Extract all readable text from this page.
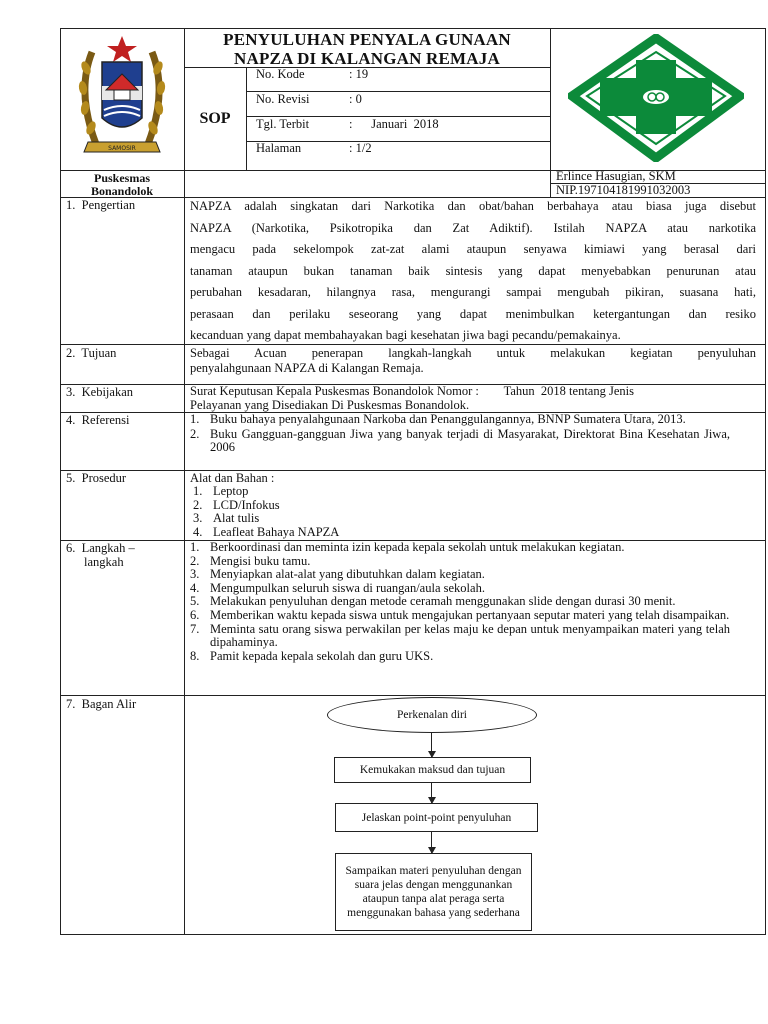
SAMOSIR
PENYULUHAN PENYALA GUNAAN
NAPZA DI KALANGAN REMAJA
SOP
No. Kode	: 19
No. Revisi	: 0
Tgl. Terbit	:      Januari  2018
Halaman	: 1/2
Puskesmas
Bonandolok
Erlince Hasugian, SKM
NIP.197104181991032003
1.  Pengertian	NAPZA adalah singkatan dari Narkotika dan obat/bahan berbahaya atau biasa juga disebut
NAPZA (Narkotika, Psikotropika dan Zat Adiktif). Istilah NAPZA atau narkotika
mengacu pada sekelompok zat-zat alami ataupun senyawa kimiawi yang berasal dari
tanaman ataupun bukan tanaman baik sintesis yang dapat menyebabkan penurunan atau
perubahan kesadaran, hilangnya rasa, mengurangi sampai mengubah pikiran, suasana hati,
perasaan dan perilaku seseorang yang dapat menimbulkan ketergantungan dan resiko
kecanduan yang dapat membahayakan bagi kesehatan jiwa bagi pecandu/pemakainya.
2.  Tujuan	Sebagai Acuan penerapan langkah-langkah untuk melakukan kegiatan penyuluhan
penyalahgunaan NAPZA di Kalangan Remaja.
3.  Kebijakan	Surat Keputusan Kepala Puskesmas Bonandolok Nomor :        Tahun  2018 tentang Jenis
Pelayanan yang Disediakan Di Puskesmas Bonandolok.
4.  Referensi	1. Buku bahaya penyalahgunaan Narkoba dan Penanggulangannya, BNNP Sumatera Utara, 2013.
2. Buku Gangguan-gangguan Jiwa yang banyak terjadi di Masyarakat, Direktorat Bina Kesehatan Jiwa, 2006
5.  Prosedur	Alat dan Bahan :
1. Leptop
2. LCD/Infokus
3. Alat tulis
4. Leafleat Bahaya NAPZA
6.  Langkah –
langkah
1. Berkoordinasi dan meminta izin kepada kepala sekolah untuk melakukan kegiatan.
2. Mengisi buku tamu.
3. Menyiapkan alat-alat yang dibutuhkan dalam kegiatan.
4. Mengumpulkan seluruh siswa di ruangan/aula sekolah.
5. Melakukan penyuluhan dengan metode ceramah menggunakan slide dengan durasi 30 menit.
6. Memberikan waktu kepada siswa untuk mengajukan pertanyaan seputar materi yang telah disampaikan.
7. Meminta satu orang siswa perwakilan per kelas maju ke depan untuk menyampaikan materi yang telah dipahaminya.
8. Pamit kepada kepala sekolah dan guru UKS.
7.  Bagan Alir
Perkenalan diri
Kemukakan maksud dan tujuan
Jelaskan point-point penyuluhan
Sampaikan materi penyuluhan dengan suara jelas dengan menggunankan ataupun tanpa alat peraga serta menggunakan bahasa yang sederhana
